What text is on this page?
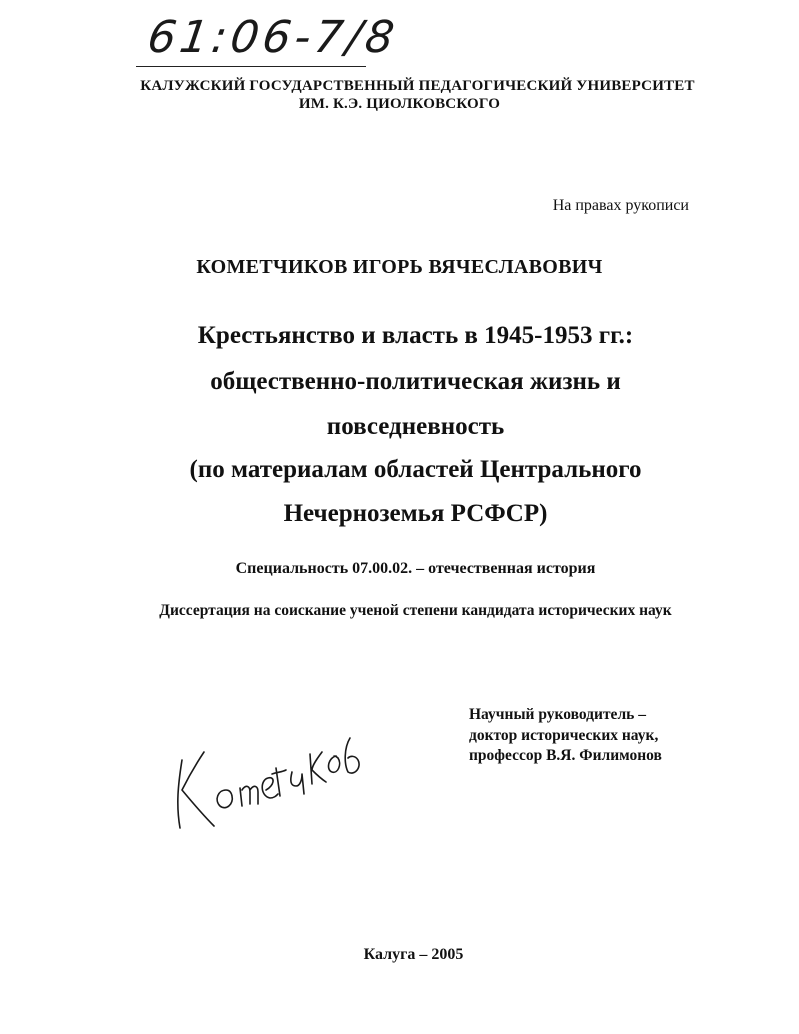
61:06-7/8
КАЛУЖСКИЙ ГОСУДАРСТВЕННЫЙ ПЕДАГОГИЧЕСКИЙ УНИВЕРСИТЕТ
ИМ. К.Э. ЦИОЛКОВСКОГО
На правах рукописи
КОМЕТЧИКОВ ИГОРЬ ВЯЧЕСЛАВОВИЧ
Крестьянство и власть в 1945-1953 гг.:
общественно-политическая жизнь и
повседневность
(по материалам областей Центрального
Нечерноземья РСФСР)
Специальность 07.00.02. – отечественная история
Диссертация на соискание ученой степени кандидата исторических наук
Научный руководитель –
доктор исторических наук,
профессор В.Я. Филимонов
Калуга – 2005
